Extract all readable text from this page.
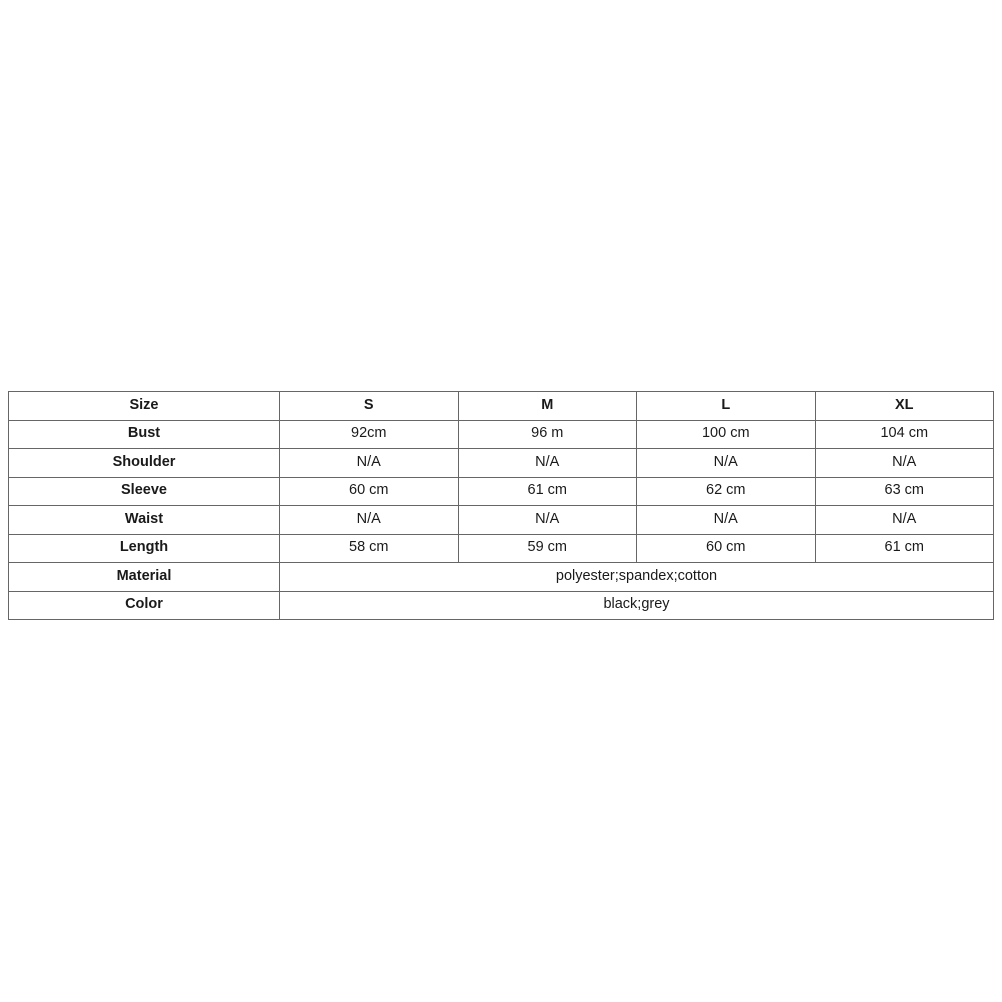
Size	S	M	L	XL
Bust	92cm	96 m	100 cm	104 cm
Shoulder	N/A	N/A	N/A	N/A
Sleeve	60 cm	61 cm	62 cm	63 cm
Waist	N/A	N/A	N/A	N/A
Length	58 cm	59 cm	60 cm	61 cm
Material	polyester;spandex;cotton			
Color	black;grey			
